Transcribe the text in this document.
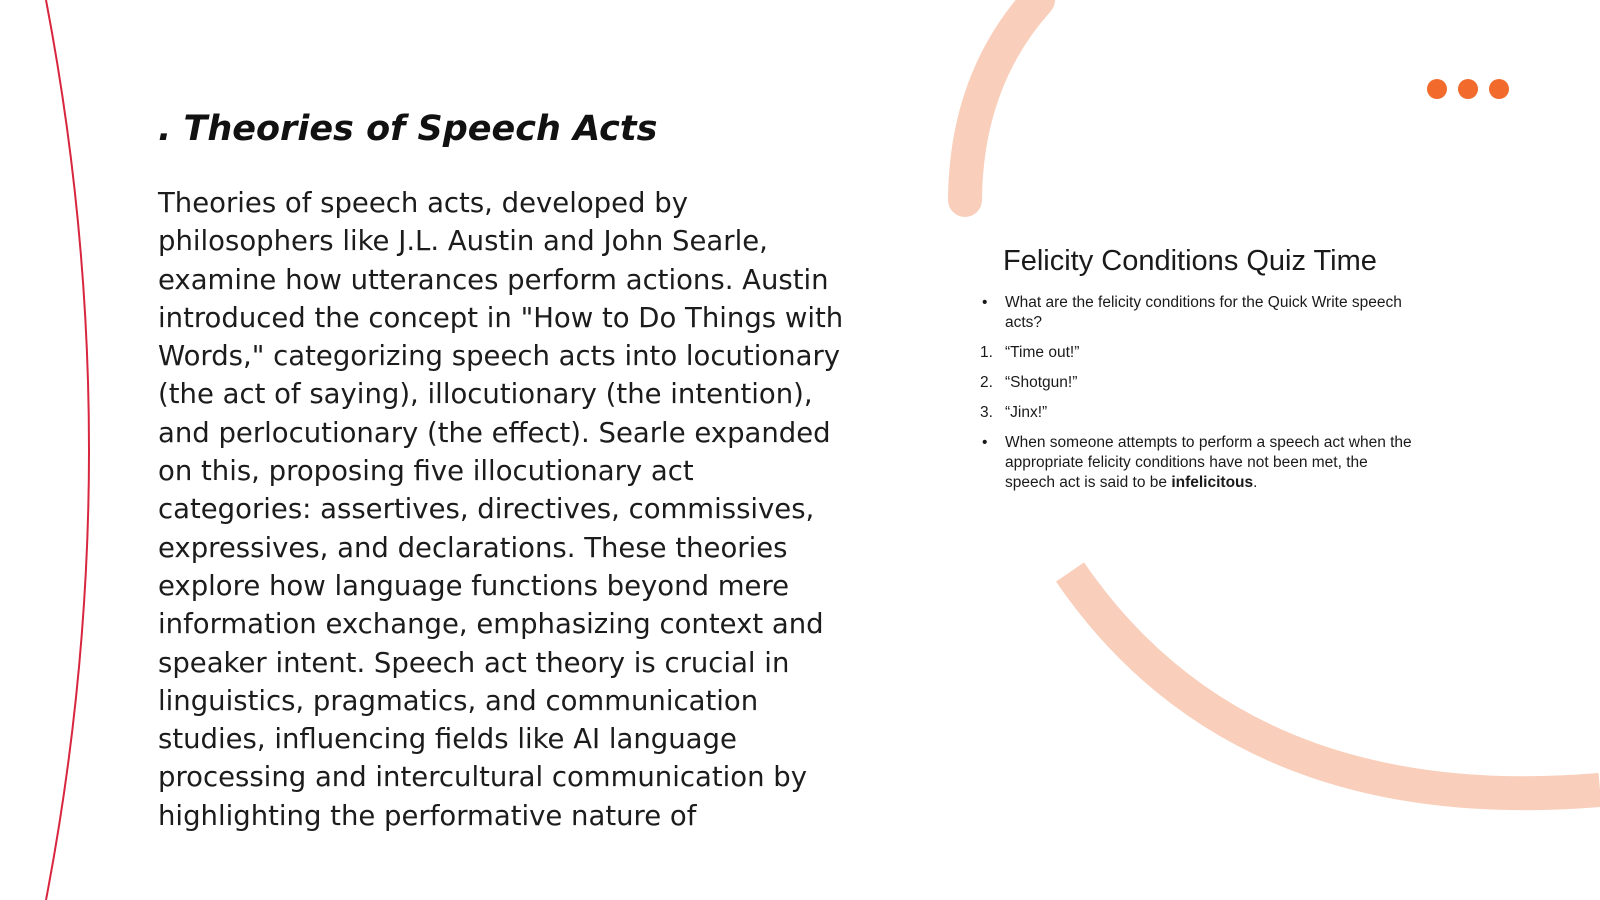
. Theories of Speech Acts

Theories of speech acts, developed by philosophers like J.L. Austin and John Searle, examine how utterances perform actions. Austin introduced the concept in "How to Do Things with Words," categorizing speech acts into locutionary (the act of saying), illocutionary (the intention), and perlocutionary (the effect). Searle expanded on this, proposing five illocutionary act categories: assertives, directives, commissives, expressives, and declarations. These theories explore how language functions beyond mere information exchange, emphasizing context and speaker intent. Speech act theory is crucial in linguistics, pragmatics, and communication studies, influencing fields like AI language processing and intercultural communication by highlighting the performative nature of

Felicity Conditions Quiz Time
• What are the felicity conditions for the Quick Write speech acts?
1. “Time out!”
2. “Shotgun!”
3. “Jinx!”
• When someone attempts to perform a speech act when the appropriate felicity conditions have not been met, the speech act is said to be infelicitous.
